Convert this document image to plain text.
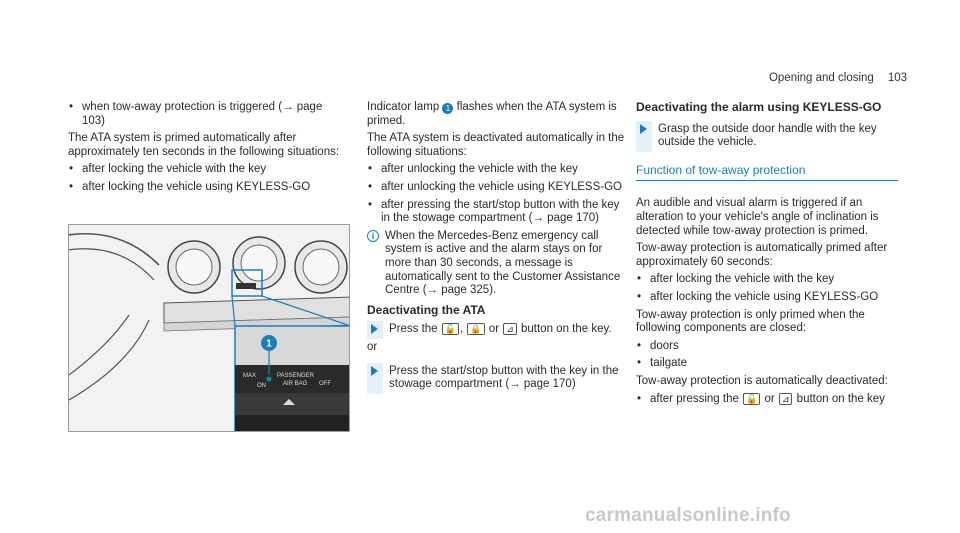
Opening and closing 103
• when tow-away protection is triggered (→ page 103)

The ATA system is primed automatically after approximately ten seconds in the following situations:

• after locking the vehicle with the key
• after locking the vehicle using KEYLESS-GO
1
MAX
ON
PASSENGER
AIR BAG OFF

Indicator lamp 1 flashes when the ATA system is primed.

The ATA system is deactivated automatically in the following situations:

• after unlocking the vehicle with the key
• after unlocking the vehicle using KEYLESS-GO
• after pressing the start/stop button with the key in the stowage compartment (→ page 170)
i When the Mercedes-Benz emergency call system is active and the alarm stays on for more than 30 seconds, a message is automatically sent to the Customer Assistance Centre (→ page 325).
Deactivating the ATA
Press the 🔓 , 🔒 or ⊿ button on the key.

or

Press the start/stop button with the key in the stowage compartment (→ page 170)
Deactivating the alarm using KEYLESS-GO
Grasp the outside door handle with the key outside the vehicle.
Function of tow-away protection

An audible and visual alarm is triggered if an alteration to your vehicle's angle of inclination is detected while tow-away protection is primed.

Tow-away protection is automatically primed after approximately 60 seconds:

• after locking the vehicle with the key
• after locking the vehicle using KEYLESS-GO

Tow-away protection is only primed when the following components are closed:

• doors
• tailgate

Tow-away protection is automatically deactivated:

• after pressing the 🔓 or ⊿ button on the key
carmanualsonline.info
